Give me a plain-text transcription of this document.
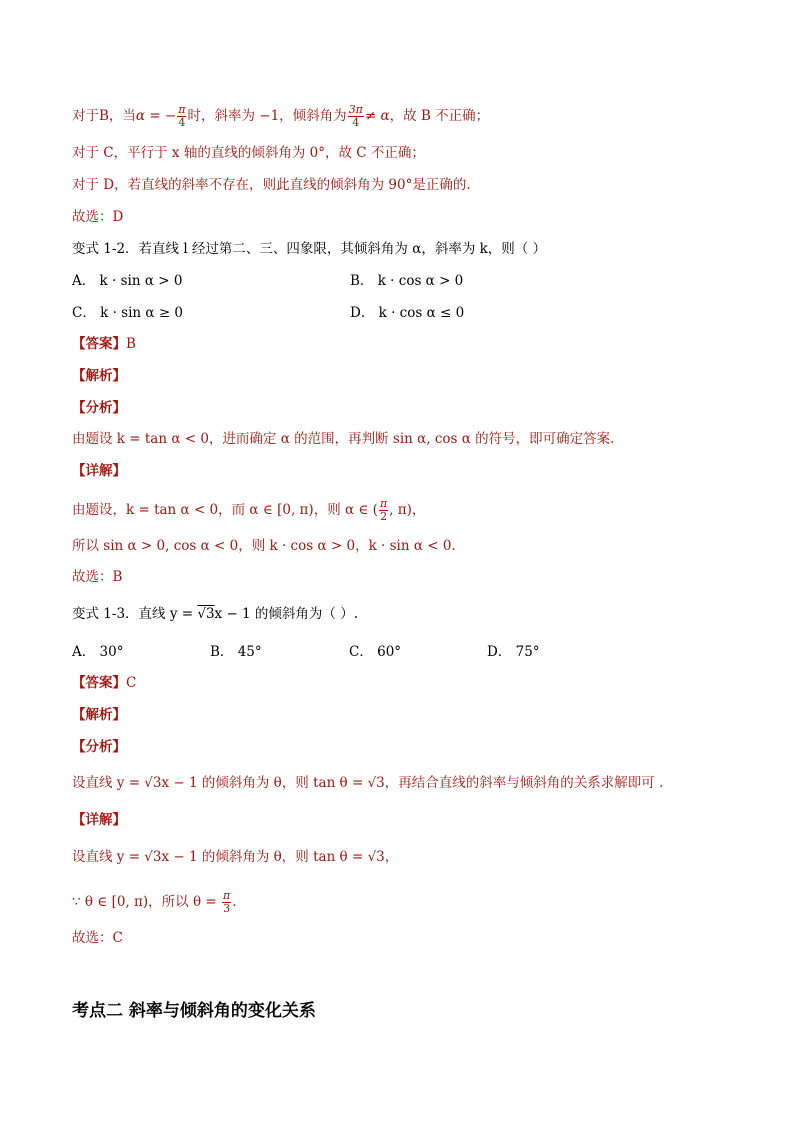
对于B，当α = − $\frac{\pi}{4}$ 时，斜率为 −1，倾斜角为 $\frac{3\pi}{4} \ne \alpha$，故 B 不正确；
对于 C，平行于 x 轴的直线的倾斜角为 0°，故 C 不正确；
对于 D，若直线的斜率不存在，则此直线的倾斜角为 90°是正确的.
故选：D
变式 1-2．若直线 l 经过第二、三、四象限，其倾斜角为 α，斜率为 k，则（ ）
A． k · sin α > 0	B． k · cos α > 0
C． k · sin α ≥ 0	D． k · cos α ≤ 0
【答案】B
【解析】
【分析】
由题设 k = tan α < 0，进而确定 α 的范围，再判断 sin α, cos α 的符号，即可确定答案.
【详解】
由题设，k = tan α < 0，而 α ∈ [0, π)，则 α ∈ ( $\frac{\pi}{2}$ , π)，
所以 sin α > 0, cos α < 0，则 k · cos α > 0，k · sin α < 0.
故选：B
变式 1-3．直线 y = √3x − 1 的倾斜角为（ ）.
A． 30°	B． 45°	C． 60°	D． 75°
【答案】C
【解析】
【分析】
设直线 y = √3x − 1 的倾斜角为 θ，则 tan θ = √3，再结合直线的斜率与倾斜角的关系求解即可 .
【详解】
设直线 y = √3x − 1 的倾斜角为 θ，则 tan θ = √3，
∵ θ ∈ [0, π)，所以 $\theta = \frac{\pi}{3}$ .
故选：C
考点二 斜率与倾斜角的变化关系
